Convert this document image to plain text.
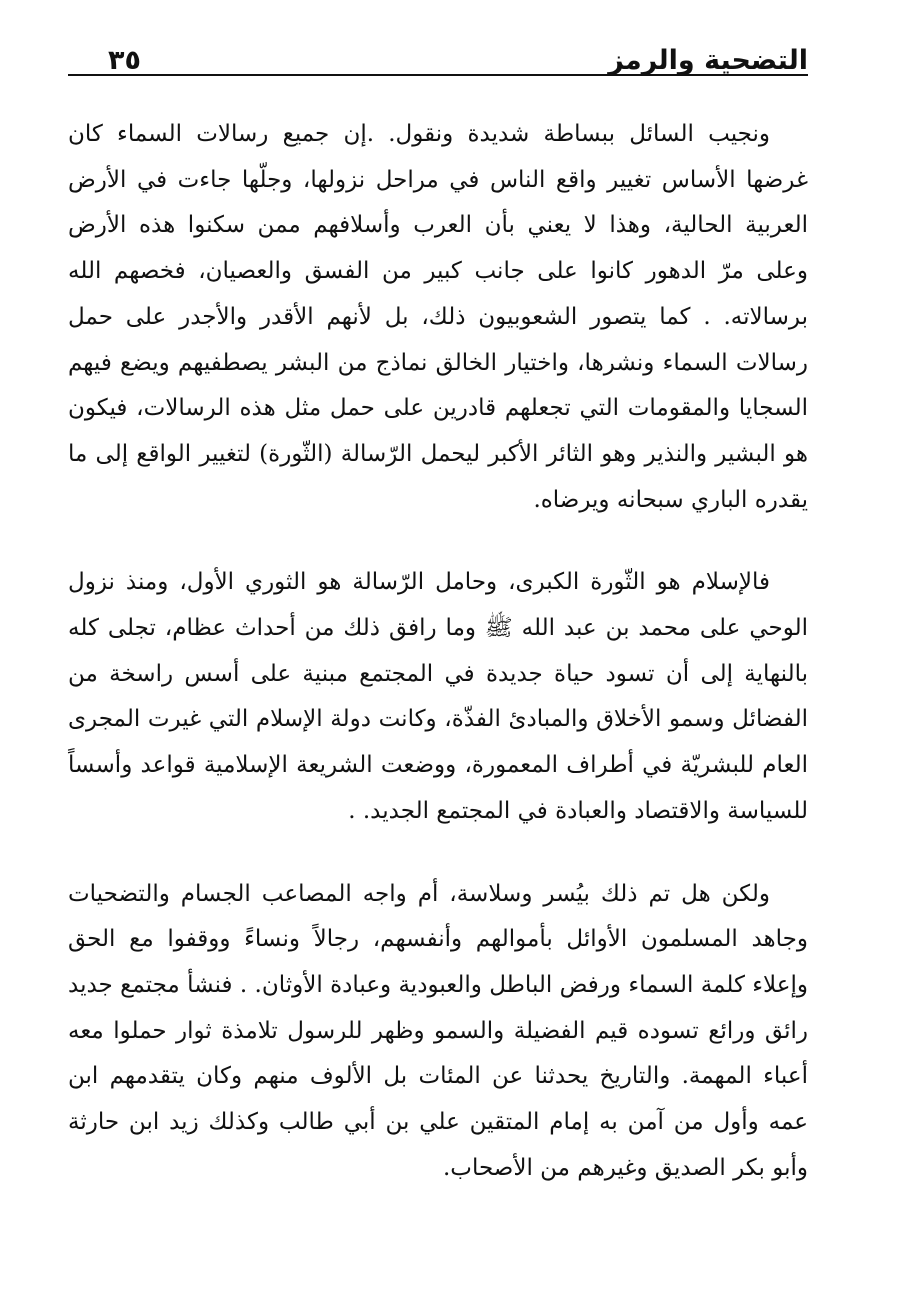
التضحية والرمز
٣٥

ونجيب السائل ببساطة شديدة ونقول. .إن جميع رسالات السماء كان غرضها الأساس تغيير واقع الناس في مراحل نزولها، وجلّها جاءت في الأرض العربية الحالية، وهذا لا يعني بأن العرب وأسلافهم ممن سكنوا هذه الأرض وعلى مرّ الدهور كانوا على جانب كبير من الفسق والعصيان، فخصهم الله برسالاته. . كما يتصور الشعوبيون ذلك، بل لأنهم الأقدر والأجدر على حمل رسالات السماء ونشرها، واختيار الخالق نماذج من البشر يصطفيهم ويضع فيهم السجايا والمقومات التي تجعلهم قادرين على حمل مثل هذه الرسالات، فيكون هو البشير والنذير وهو الثائر الأكبر ليحمل الرّسالة (الثّورة) لتغيير الواقع إلى ما يقدره الباري سبحانه ويرضاه.

فالإسلام هو الثّورة الكبرى، وحامل الرّسالة هو الثوري الأول، ومنذ نزول الوحي على محمد بن عبد الله ﷺ وما رافق ذلك من أحداث عظام، تجلى كله بالنهاية إلى أن تسود حياة جديدة في المجتمع مبنية على أسس راسخة من الفضائل وسمو الأخلاق والمبادئ الفذّة، وكانت دولة الإسلام التي غيرت المجرى العام للبشريّة في أطراف المعمورة، ووضعت الشريعة الإسلامية قواعد وأسساً للسياسة والاقتصاد والعبادة في المجتمع الجديد. .

ولكن هل تم ذلك بيُسر وسلاسة، أم واجه المصاعب الجسام والتضحيات وجاهد المسلمون الأوائل بأموالهم وأنفسهم، رجالاً ونساءً ووقفوا مع الحق وإعلاء كلمة السماء ورفض الباطل والعبودية وعبادة الأوثان. . فنشأ مجتمع جديد رائق ورائع تسوده قيم الفضيلة والسمو وظهر للرسول تلامذة ثوار حملوا معه أعباء المهمة. والتاريخ يحدثنا عن المئات بل الألوف منهم وكان يتقدمهم ابن عمه وأول من آمن به إمام المتقين علي بن أبي طالب وكذلك زيد ابن حارثة وأبو بكر الصديق وغيرهم من الأصحاب.
